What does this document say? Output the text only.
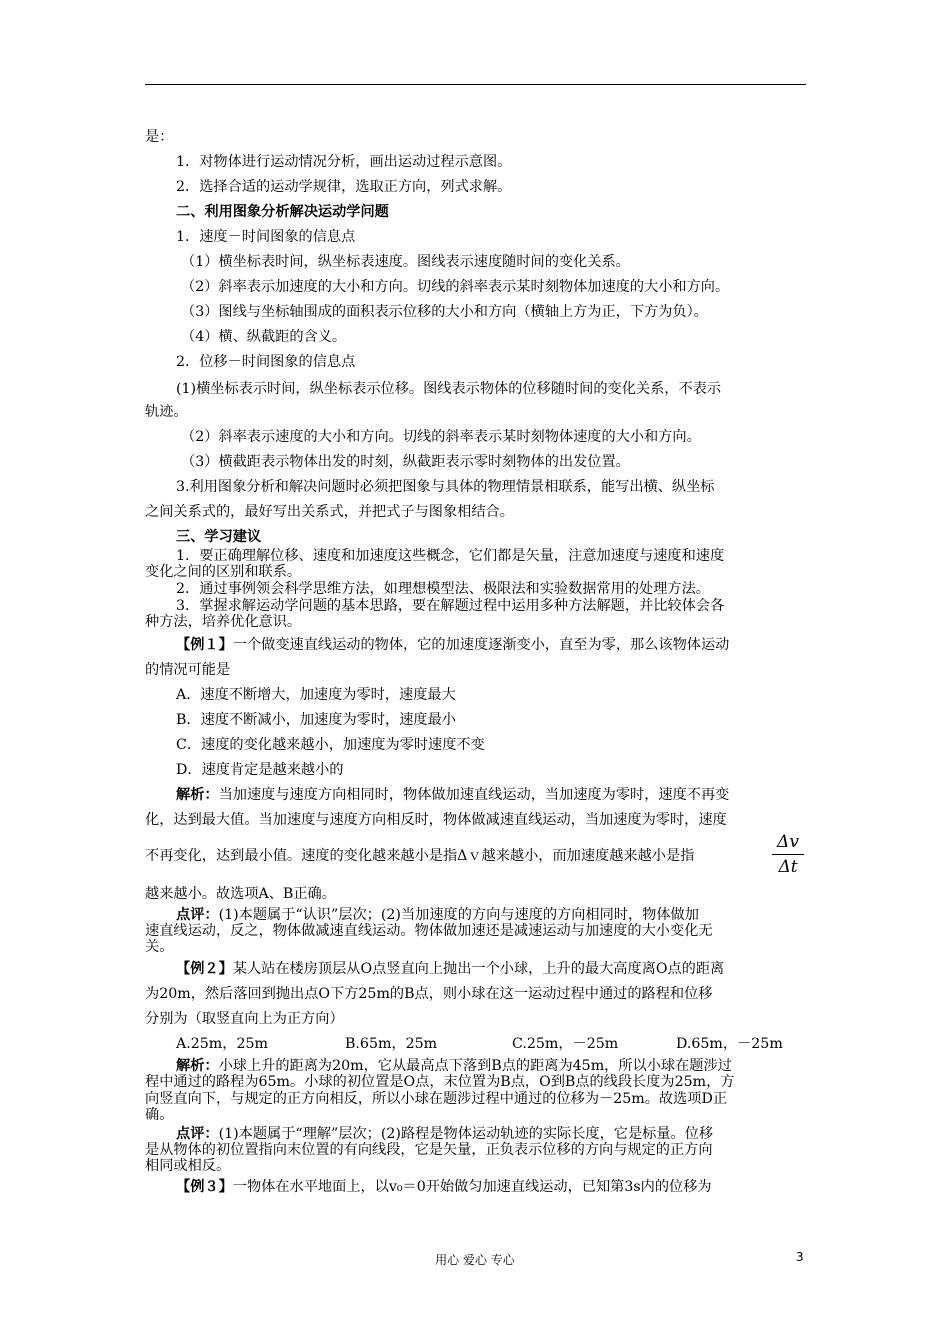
是：
1．对物体进行运动情况分析，画出运动过程示意图。
2．选择合适的运动学规律，选取正方向，列式求解。
二、利用图象分析解决运动学问题
1．速度－时间图象的信息点
（1）横坐标表时间，纵坐标表速度。图线表示速度随时间的变化关系。
（2）斜率表示加速度的大小和方向。切线的斜率表示某时刻物体加速度的大小和方向。
（3）图线与坐标轴围成的面积表示位移的大小和方向（横轴上方为正，下方为负）。
（4）横、纵截距的含义。
2．位移－时间图象的信息点
(1)横坐标表示时间，纵坐标表示位移。图线表示物体的位移随时间的变化关系，不表示
轨迹。
（2）斜率表示速度的大小和方向。切线的斜率表示某时刻物体速度的大小和方向。
（3）横截距表示物体出发的时刻，纵截距表示零时刻物体的出发位置。
3.利用图象分析和解决问题时必须把图象与具体的物理情景相联系，能写出横、纵坐标
之间关系式的，最好写出关系式，并把式子与图象相结合。
三、学习建议
1．要正确理解位移、速度和加速度这些概念，它们都是矢量，注意加速度与速度和速度
变化之间的区别和联系。
2．通过事例领会科学思维方法，如理想模型法、极限法和实验数据常用的处理方法。
3．掌握求解运动学问题的基本思路，要在解题过程中运用多种方法解题，并比较体会各
种方法，培养优化意识。
【例１】一个做变速直线运动的物体，它的加速度逐渐变小，直至为零，那么该物体运动
的情况可能是
A．速度不断增大，加速度为零时，速度最大
B．速度不断减小，加速度为零时，速度最小
C．速度的变化越来越小，加速度为零时速度不变
D．速度肯定是越来越小的
解析：当加速度与速度方向相同时，物体做加速直线运动，当加速度为零时，速度不再变
化，达到最大值。当加速度与速度方向相反时，物体做减速直线运动，当加速度为零时，速度
不再变化，达到最小值。速度的变化越来越小是指Δｖ越来越小，而加速度越来越小是指
Δv
Δt
越来越小。故选项A、B正确。
点评：(1)本题属于“认识”层次；(2)当加速度的方向与速度的方向相同时，物体做加
速直线运动，反之，物体做减速直线运动。物体做加速还是减速运动与加速度的大小变化无
关。
【例２】某人站在楼房顶层从O点竖直向上抛出一个小球，上升的最大高度离O点的距离
为20m，然后落回到抛出点O下方25m的B点，则小球在这一运动过程中通过的路程和位移
分别为（取竖直向上为正方向）
A.25m，25m	B.65m，25m	C.25m，－25m	D.65m，－25m
解析：小球上升的距离为20m，它从最高点下落到B点的距离为45m，所以小球在题涉过
程中通过的路程为65m。小球的初位置是O点，末位置为B点，O到B点的线段长度为25m，方
向竖直向下，与规定的正方向相反，所以小球在题涉过程中通过的位移为－25m。故选项D正
确。
点评：(1)本题属于“理解”层次；(2)路程是物体运动轨迹的实际长度，它是标量。位移
是从物体的初位置指向末位置的有向线段，它是矢量，正负表示位移的方向与规定的正方向
相同或相反。
【例３】一物体在水平地面上，以v₀＝0开始做匀加速直线运动，已知第3s内的位移为
用心 爱心 专心	3
